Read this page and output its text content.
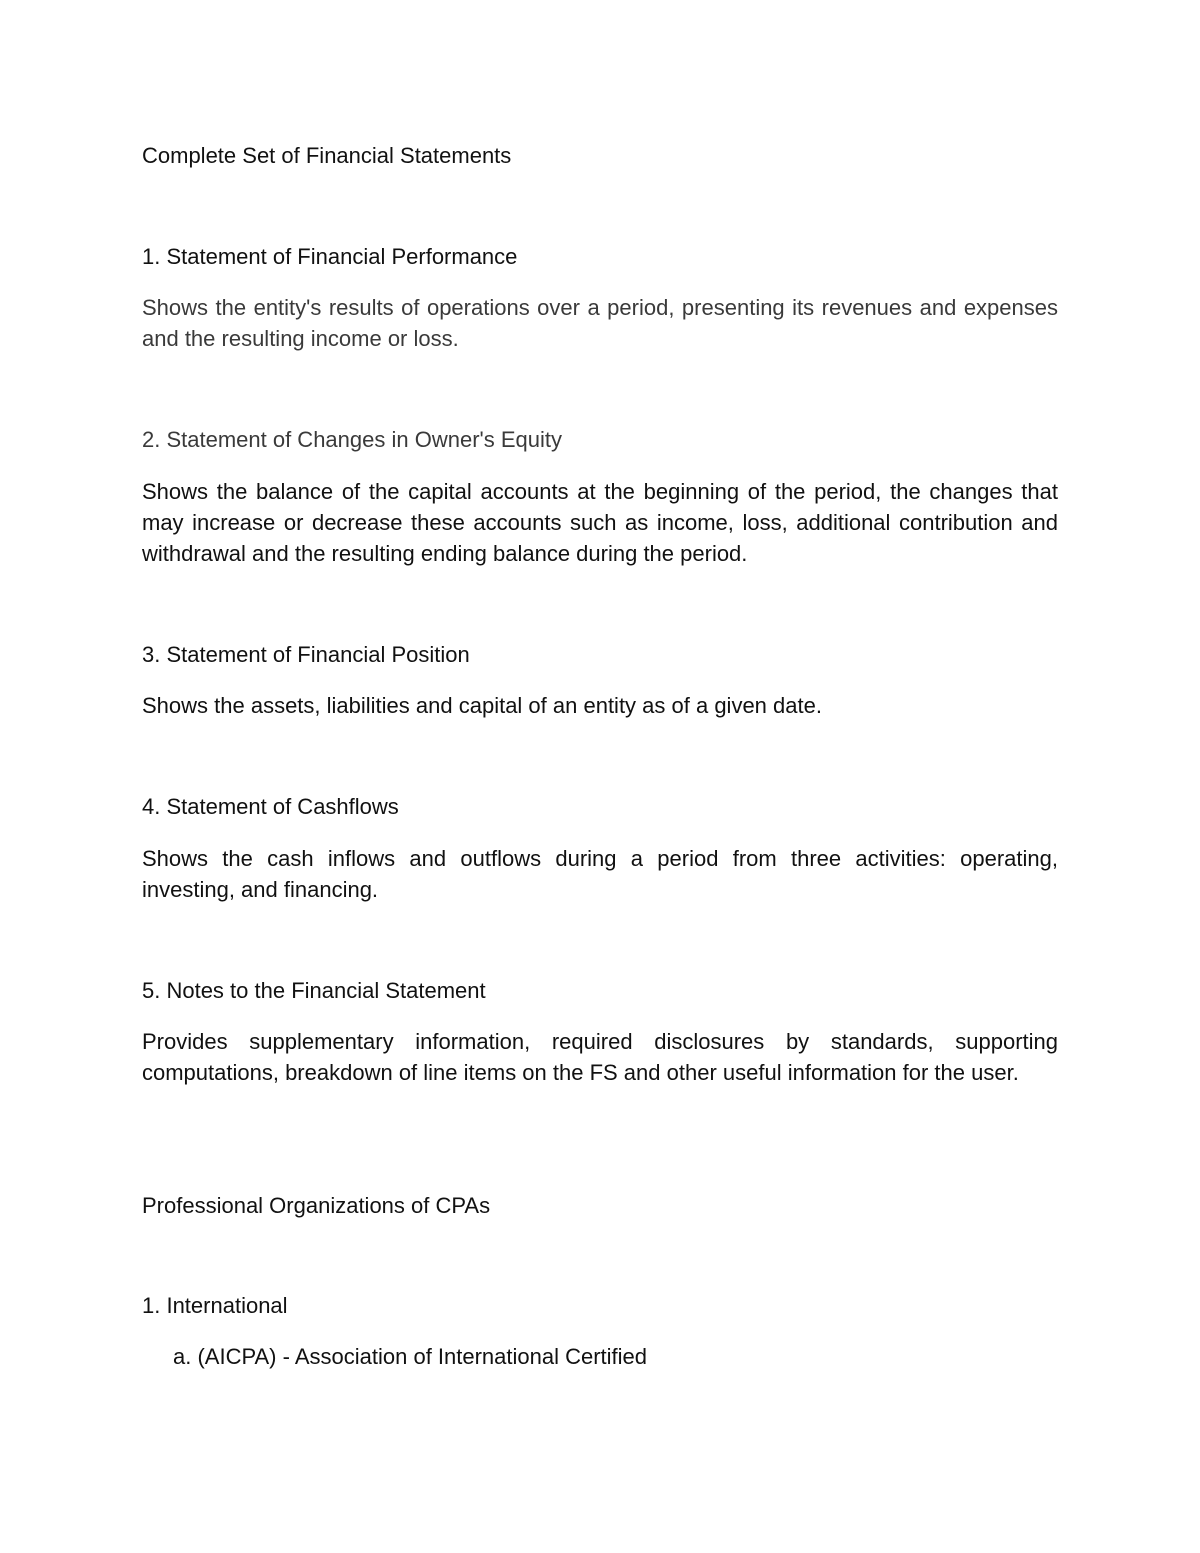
Complete Set of Financial Statements

1. Statement of Financial Performance

Shows the entity's results of operations over a period, presenting its revenues and expenses and the resulting income or loss.

2. Statement of Changes in Owner's Equity

Shows the balance of the capital accounts at the beginning of the period, the changes that may increase or decrease these accounts such as income, loss, additional contribution and withdrawal and the resulting ending balance during the period.

3. Statement of Financial Position

Shows the assets, liabilities and capital of an entity as of a given date.

4. Statement of Cashflows

Shows the cash inflows and outflows during a period from three activities: operating, investing, and financing.

5. Notes to the Financial Statement

Provides supplementary information, required disclosures by standards, supporting computations, breakdown of line items on the FS and other useful information for the user.

Professional Organizations of CPAs

1. International

a. (AICPA) - Association of International Certified
